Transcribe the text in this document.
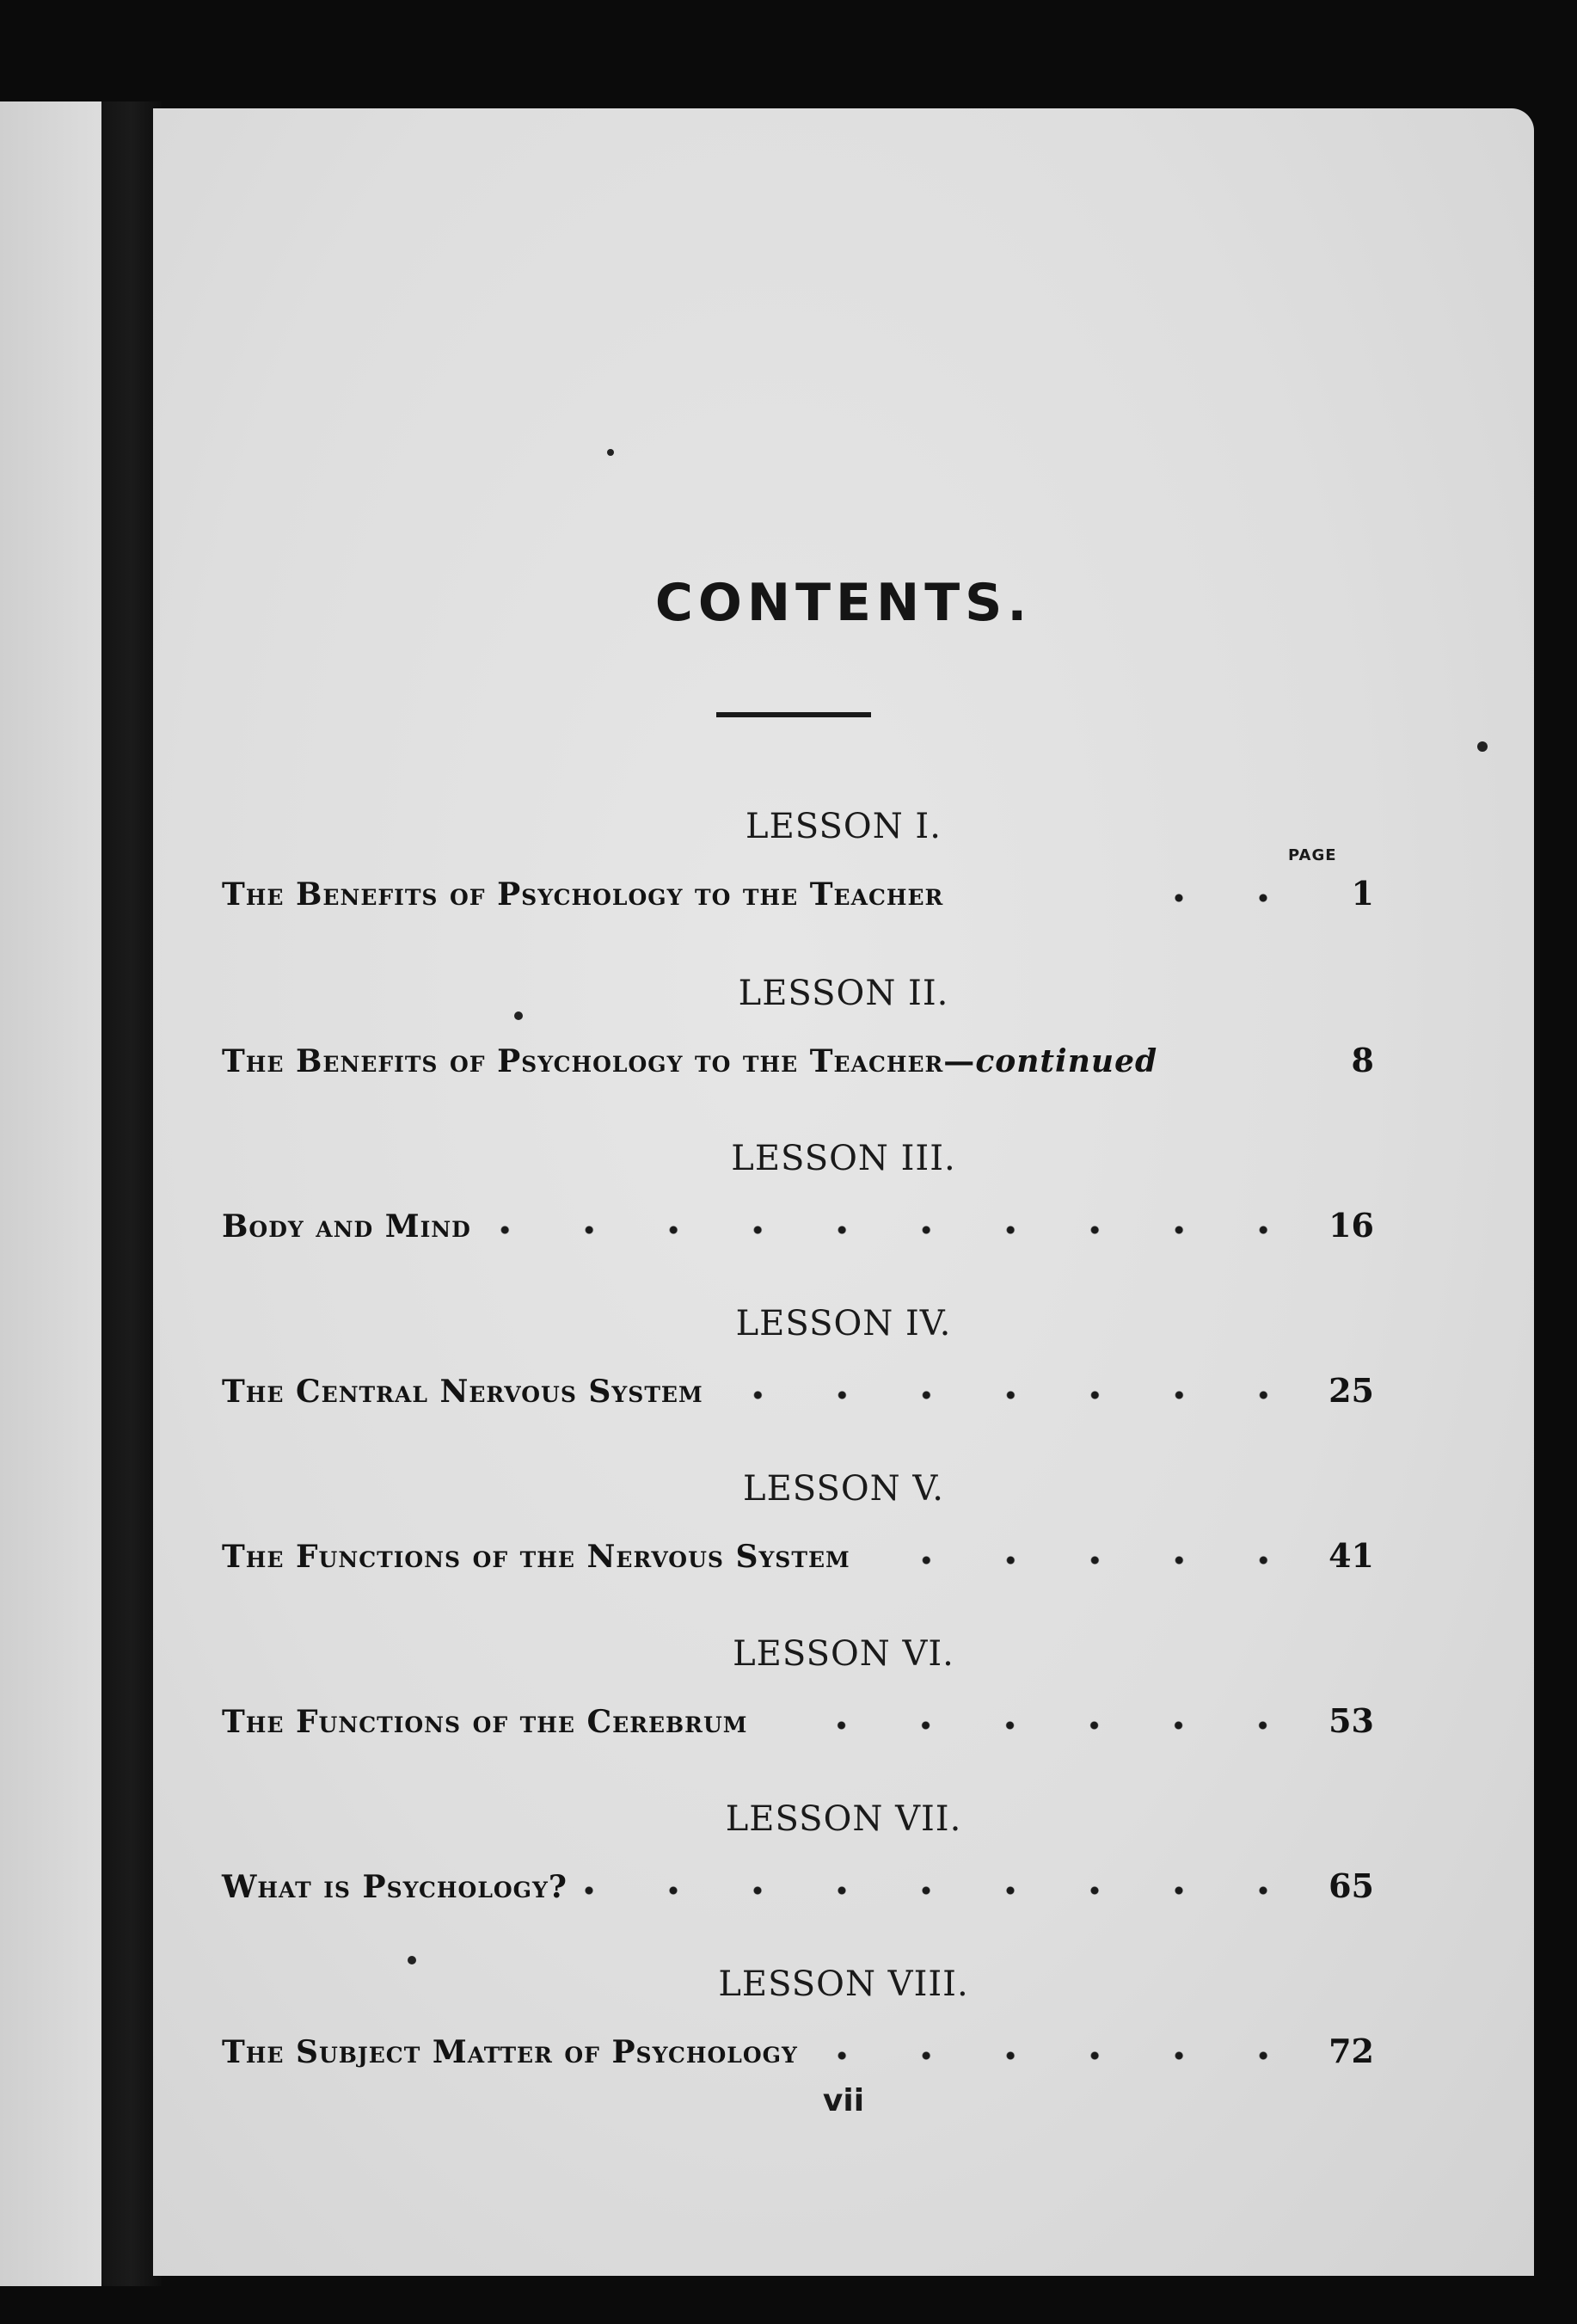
CONTENTS.
PAGE
LESSON I.
The Benefits of Psychology to the Teacher	1
LESSON II.
The Benefits of Psychology to the Teacher—continued	8
LESSON III.
Body and Mind	16
LESSON IV.
The Central Nervous System	25
LESSON V.
The Functions of the Nervous System	41
LESSON VI.
The Functions of the Cerebrum	53
LESSON VII.
What is Psychology?	65
LESSON VIII.
The Subject Matter of Psychology	72
vii
